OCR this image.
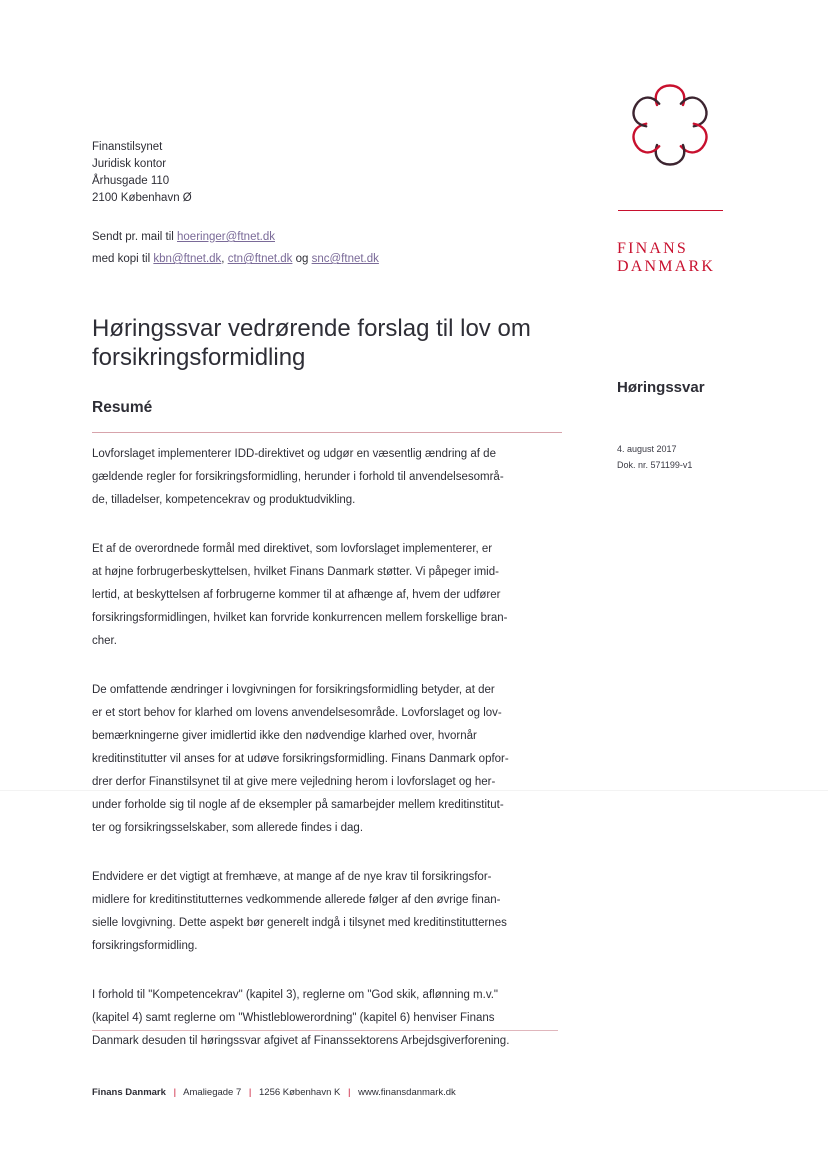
Finanstilsynet
Juridisk kontor
Århusgade 110
2100 København Ø
Sendt pr. mail til hoeringer@ftnet.dk
med kopi til kbn@ftnet.dk, ctn@ftnet.dk og snc@ftnet.dk
FINANS
DANMARK
Høringssvar
4. august 2017
Dok. nr. 571199-v1
Høringssvar vedrørende forslag til lov om
forsikringsformidling
Resumé
Lovforslaget implementerer IDD-direktivet og udgør en væsentlig ændring af de
gældende regler for forsikringsformidling, herunder i forhold til anvendelsesområ-
de, tilladelser, kompetencekrav og produktudvikling.
Et af de overordnede formål med direktivet, som lovforslaget implementerer, er
at højne forbrugerbeskyttelsen, hvilket Finans Danmark støtter. Vi påpeger imid-
lertid, at beskyttelsen af forbrugerne kommer til at afhænge af, hvem der udfører
forsikringsformidlingen, hvilket kan forvride konkurrencen mellem forskellige bran-
cher.
De omfattende ændringer i lovgivningen for forsikringsformidling betyder, at der
er et stort behov for klarhed om lovens anvendelsesområde. Lovforslaget og lov-
bemærkningerne giver imidlertid ikke den nødvendige klarhed over, hvornår
kreditinstitutter vil anses for at udøve forsikringsformidling. Finans Danmark opfor-
drer derfor Finanstilsynet til at give mere vejledning herom i lovforslaget og her-
under forholde sig til nogle af de eksempler på samarbejder mellem kreditinstitut-
ter og forsikringsselskaber, som allerede findes i dag.
Endvidere er det vigtigt at fremhæve, at mange af de nye krav til forsikringsfor-
midlere for kreditinstitutternes vedkommende allerede følger af den øvrige finan-
sielle lovgivning. Dette aspekt bør generelt indgå i tilsynet med kreditinstitutternes
forsikringsformidling.
I forhold til "Kompetencekrav" (kapitel 3), reglerne om "God skik, aflønning m.v."
(kapitel 4) samt reglerne om "Whistleblowerordning" (kapitel 6) henviser Finans
Danmark desuden til høringssvar afgivet af Finanssektorens Arbejdsgiverforening.
Finans Danmark | Amaliegade 7 | 1256 København K | www.finansdanmark.dk
